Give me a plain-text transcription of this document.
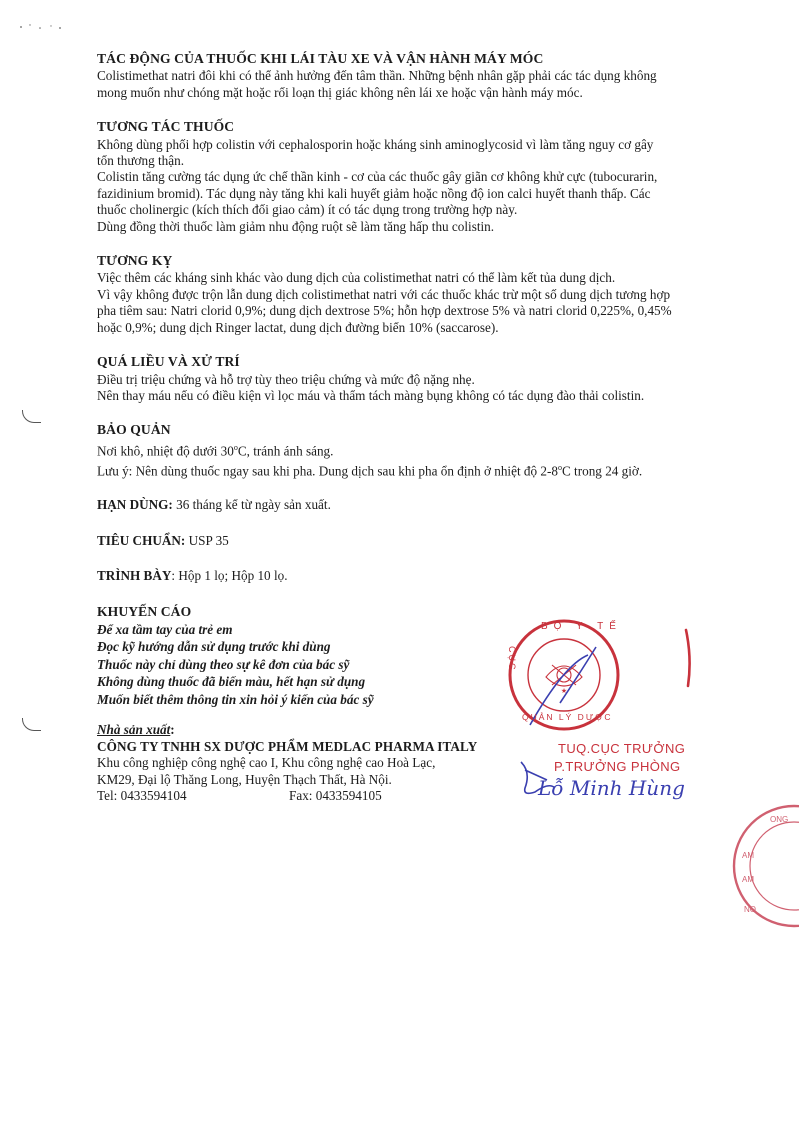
TÁC ĐỘNG CỦA THUỐC KHI LÁI TÀU XE VÀ VẬN HÀNH MÁY MÓC
Colistimethat natri đôi khi có thể ảnh hưởng đến tâm thần. Những bệnh nhân gặp phải các tác dụng không
mong muốn như chóng mặt hoặc rối loạn thị giác không nên lái xe hoặc vận hành máy móc.
TƯƠNG TÁC THUỐC
Không dùng phối hợp colistin với cephalosporin hoặc kháng sinh aminoglycosid vì làm tăng nguy cơ gây
tổn thương thận.
Colistin tăng cường tác dụng ức chế thần kinh - cơ của các thuốc gây giãn cơ không khử cực (tubocurarin,
fazidinium bromid). Tác dụng này tăng khi kali huyết giảm hoặc nồng độ ion calci huyết thanh thấp. Các
thuốc cholinergic (kích thích đối giao cảm) ít có tác dụng trong trường hợp này.
Dùng đồng thời thuốc làm giảm nhu động ruột sẽ làm tăng hấp thu colistin.
TƯƠNG KỴ
Việc thêm các kháng sinh khác vào dung dịch của colistimethat natri có thể làm kết tủa dung dịch.
Vì vậy không được trộn lẫn dung dịch colistimethat natri với các thuốc khác trừ một số dung dịch tương hợp
pha tiêm sau: Natri clorid 0,9%; dung dịch dextrose 5%; hỗn hợp dextrose 5% và natri clorid 0,225%, 0,45%
hoặc 0,9%; dung dịch Ringer lactat, dung dịch đường biển 10% (saccarose).
QUÁ LIỀU VÀ XỬ TRÍ
Điều trị triệu chứng và hỗ trợ tùy theo triệu chứng và mức độ nặng nhẹ.
Nên thay máu nếu có điều kiện vì lọc máu và thẩm tách màng bụng không có tác dụng đào thải colistin.
BẢO QUẢN
Nơi khô, nhiệt độ dưới 30$^o$C, tránh ánh sáng.
Lưu ý: Nên dùng thuốc ngay sau khi pha. Dung dịch sau khi pha ổn định ở nhiệt độ 2-8$^o$C trong 24 giờ.
HẠN DÙNG: 36 tháng kể từ ngày sản xuất.
TIÊU CHUẨN: USP 35
TRÌNH BÀY: Hộp 1 lọ; Hộp 10 lọ.
KHUYẾN CÁO

Để xa tầm tay của trẻ em

Đọc kỹ hướng dẫn sử dụng trước khi dùng

Thuốc này chỉ dùng theo sự kê đơn của bác sỹ

Không dùng thuốc đã biến màu, hết hạn sử dụng

Muốn biết thêm thông tin xin hỏi ý kiến của bác sỹ

Nhà sản xuất:
CÔNG TY TNHH SX DƯỢC PHẨM MEDLAC PHARMA ITALY
Khu công nghiệp công nghệ cao I, Khu công nghệ cao Hoà Lạc,
KM29, Đại lộ Thăng Long, Huyện Thạch Thất, Hà Nội.
Tel: 0433594104	Fax: 0433594105
★
BỘ Y TẾ
CỤC
QUẢN LÝ DƯỢC
TUQ.CỤC TRƯỞNG
P.TRƯỞNG PHÒNG
Lỗ Minh Hùng
AM
AM
ONG
NO
